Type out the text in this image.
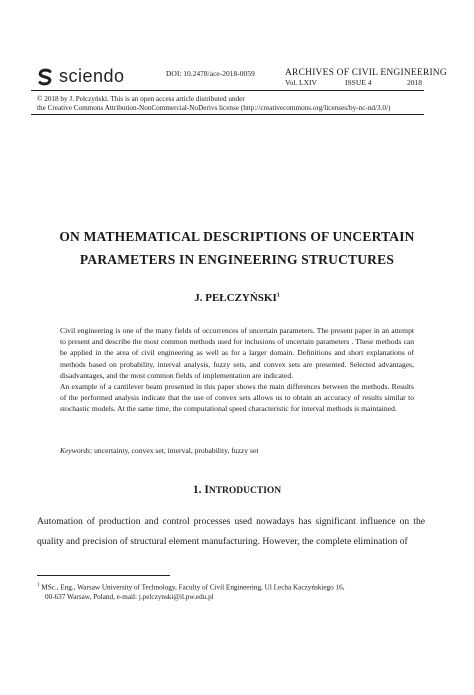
sciendo	DOI: 10.2478/ace-2018-0059	ARCHIVES OF CIVIL ENGINEERING
Vol. LXIV	ISSUE 4	2018
© 2018 by J. Pełczyński. This is an open access article distributed under
the Creative Commons Attribution-NonCommercial-NoDerivs license (http://creativecommons.org/licenses/by-nc-nd/3.0/)
ON MATHEMATICAL DESCRIPTIONS OF UNCERTAIN
PARAMETERS IN ENGINEERING STRUCTURES
J. PEŁCZYŃSKI$^1$

Civil engineering is one of the many fields of occurrences of uncertain parameters. The present paper in an attempt to present and describe the most common methods used for inclusions of uncertain parameters . These methods can be applied in the area of civil engineering as well as for a larger domain. Definitions and short explanations of methods based on probability, interval analysis, fuzzy sets, and convex sets are presented. Selected advantages, disadvantages, and the most common fields of implementation are indicated.

An example of a cantilever beam presented in this paper shows the main differences between the methods. Results of the performed analysis indicate that the use of convex sets allows us to obtain an accuracy of results similar to stochastic models. At the same time, the computational speed characteristic for interval methods is maintained.

Keywords: uncertainty, convex set, interval, probability, fuzzy set
1. INTRODUCTION

Automation of production and control processes used nowadays has significant influence on the quality and precision of structural element manufacturing. However, the complete elimination of

$^1$ MSc., Eng., Warsaw University of Technology, Faculty of Civil Engineering, Ul Lecha Kaczyńskiego 16,
00-637 Warsaw, Poland, e-mail: j.pelczynski@il.pw.edu.pl
